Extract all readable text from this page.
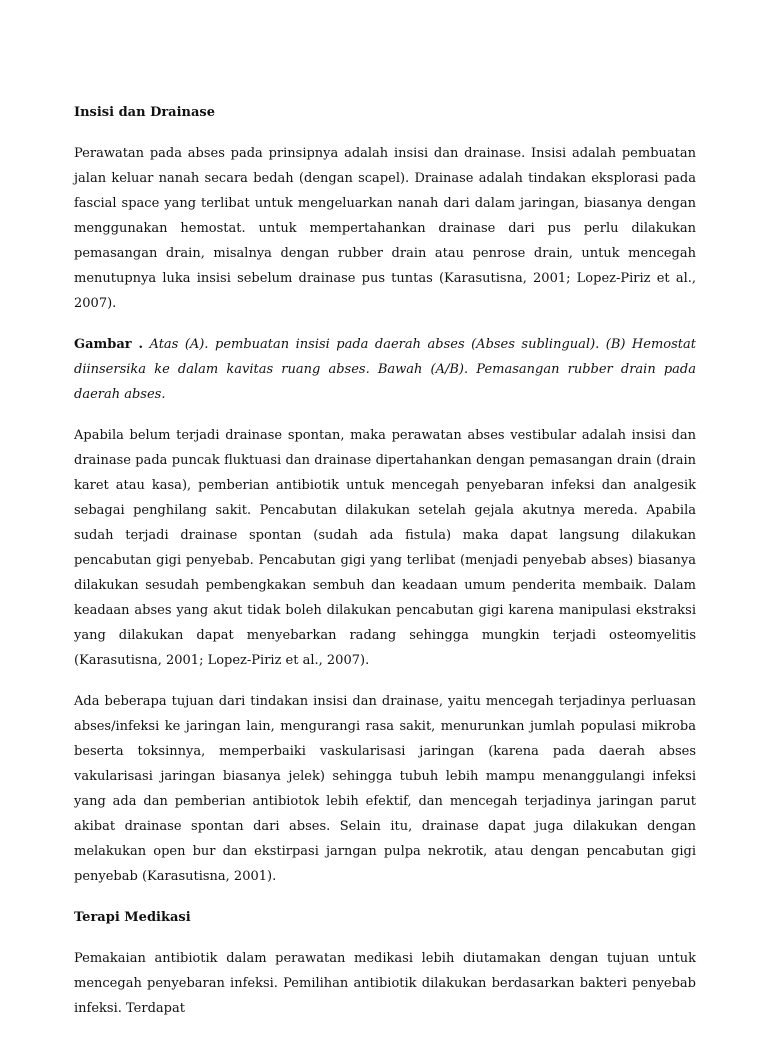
Insisi dan Drainase

Perawatan pada abses pada prinsipnya adalah insisi dan drainase. Insisi adalah pembuatan jalan keluar nanah secara bedah (dengan scapel). Drainase adalah tindakan eksplorasi pada fascial space yang terlibat untuk mengeluarkan nanah dari dalam jaringan, biasanya dengan menggunakan hemostat. untuk mempertahankan drainase dari pus perlu dilakukan pemasangan drain, misalnya dengan rubber drain atau penrose drain, untuk mencegah menutupnya luka insisi sebelum drainase pus tuntas (Karasutisna, 2001; Lopez-Piriz et al., 2007).

Gambar . Atas (A). pembuatan insisi pada daerah abses (Abses sublingual). (B) Hemostat diinsersika ke dalam kavitas ruang abses. Bawah (A/B). Pemasangan rubber drain pada daerah abses.

Apabila belum terjadi drainase spontan, maka perawatan abses vestibular adalah insisi dan drainase pada puncak fluktuasi dan drainase dipertahankan dengan pemasangan drain (drain karet atau kasa), pemberian antibiotik untuk mencegah penyebaran infeksi dan analgesik sebagai penghilang sakit. Pencabutan dilakukan setelah gejala akutnya mereda. Apabila sudah terjadi drainase spontan (sudah ada fistula) maka dapat langsung dilakukan pencabutan gigi penyebab. Pencabutan gigi yang terlibat (menjadi penyebab abses) biasanya dilakukan sesudah pembengkakan sembuh dan keadaan umum penderita membaik. Dalam keadaan abses yang akut tidak boleh dilakukan pencabutan gigi karena manipulasi ekstraksi yang dilakukan dapat menyebarkan radang sehingga mungkin terjadi osteomyelitis (Karasutisna, 2001; Lopez-Piriz et al., 2007).

Ada beberapa tujuan dari tindakan insisi dan drainase, yaitu mencegah terjadinya perluasan abses/infeksi ke jaringan lain, mengurangi rasa sakit, menurunkan jumlah populasi mikroba beserta toksinnya, memperbaiki vaskularisasi jaringan (karena pada daerah abses vakularisasi jaringan biasanya jelek) sehingga tubuh lebih mampu menanggulangi infeksi yang ada dan pemberian antibiotok lebih efektif, dan mencegah terjadinya jaringan parut akibat drainase spontan dari abses. Selain itu, drainase dapat juga dilakukan dengan melakukan open bur dan ekstirpasi jarngan pulpa nekrotik, atau dengan pencabutan gigi penyebab (Karasutisna, 2001).

Terapi Medikasi

Pemakaian antibiotik dalam perawatan medikasi lebih diutamakan dengan tujuan untuk mencegah penyebaran infeksi. Pemilihan antibiotik dilakukan berdasarkan bakteri penyebab infeksi. Terdapat
